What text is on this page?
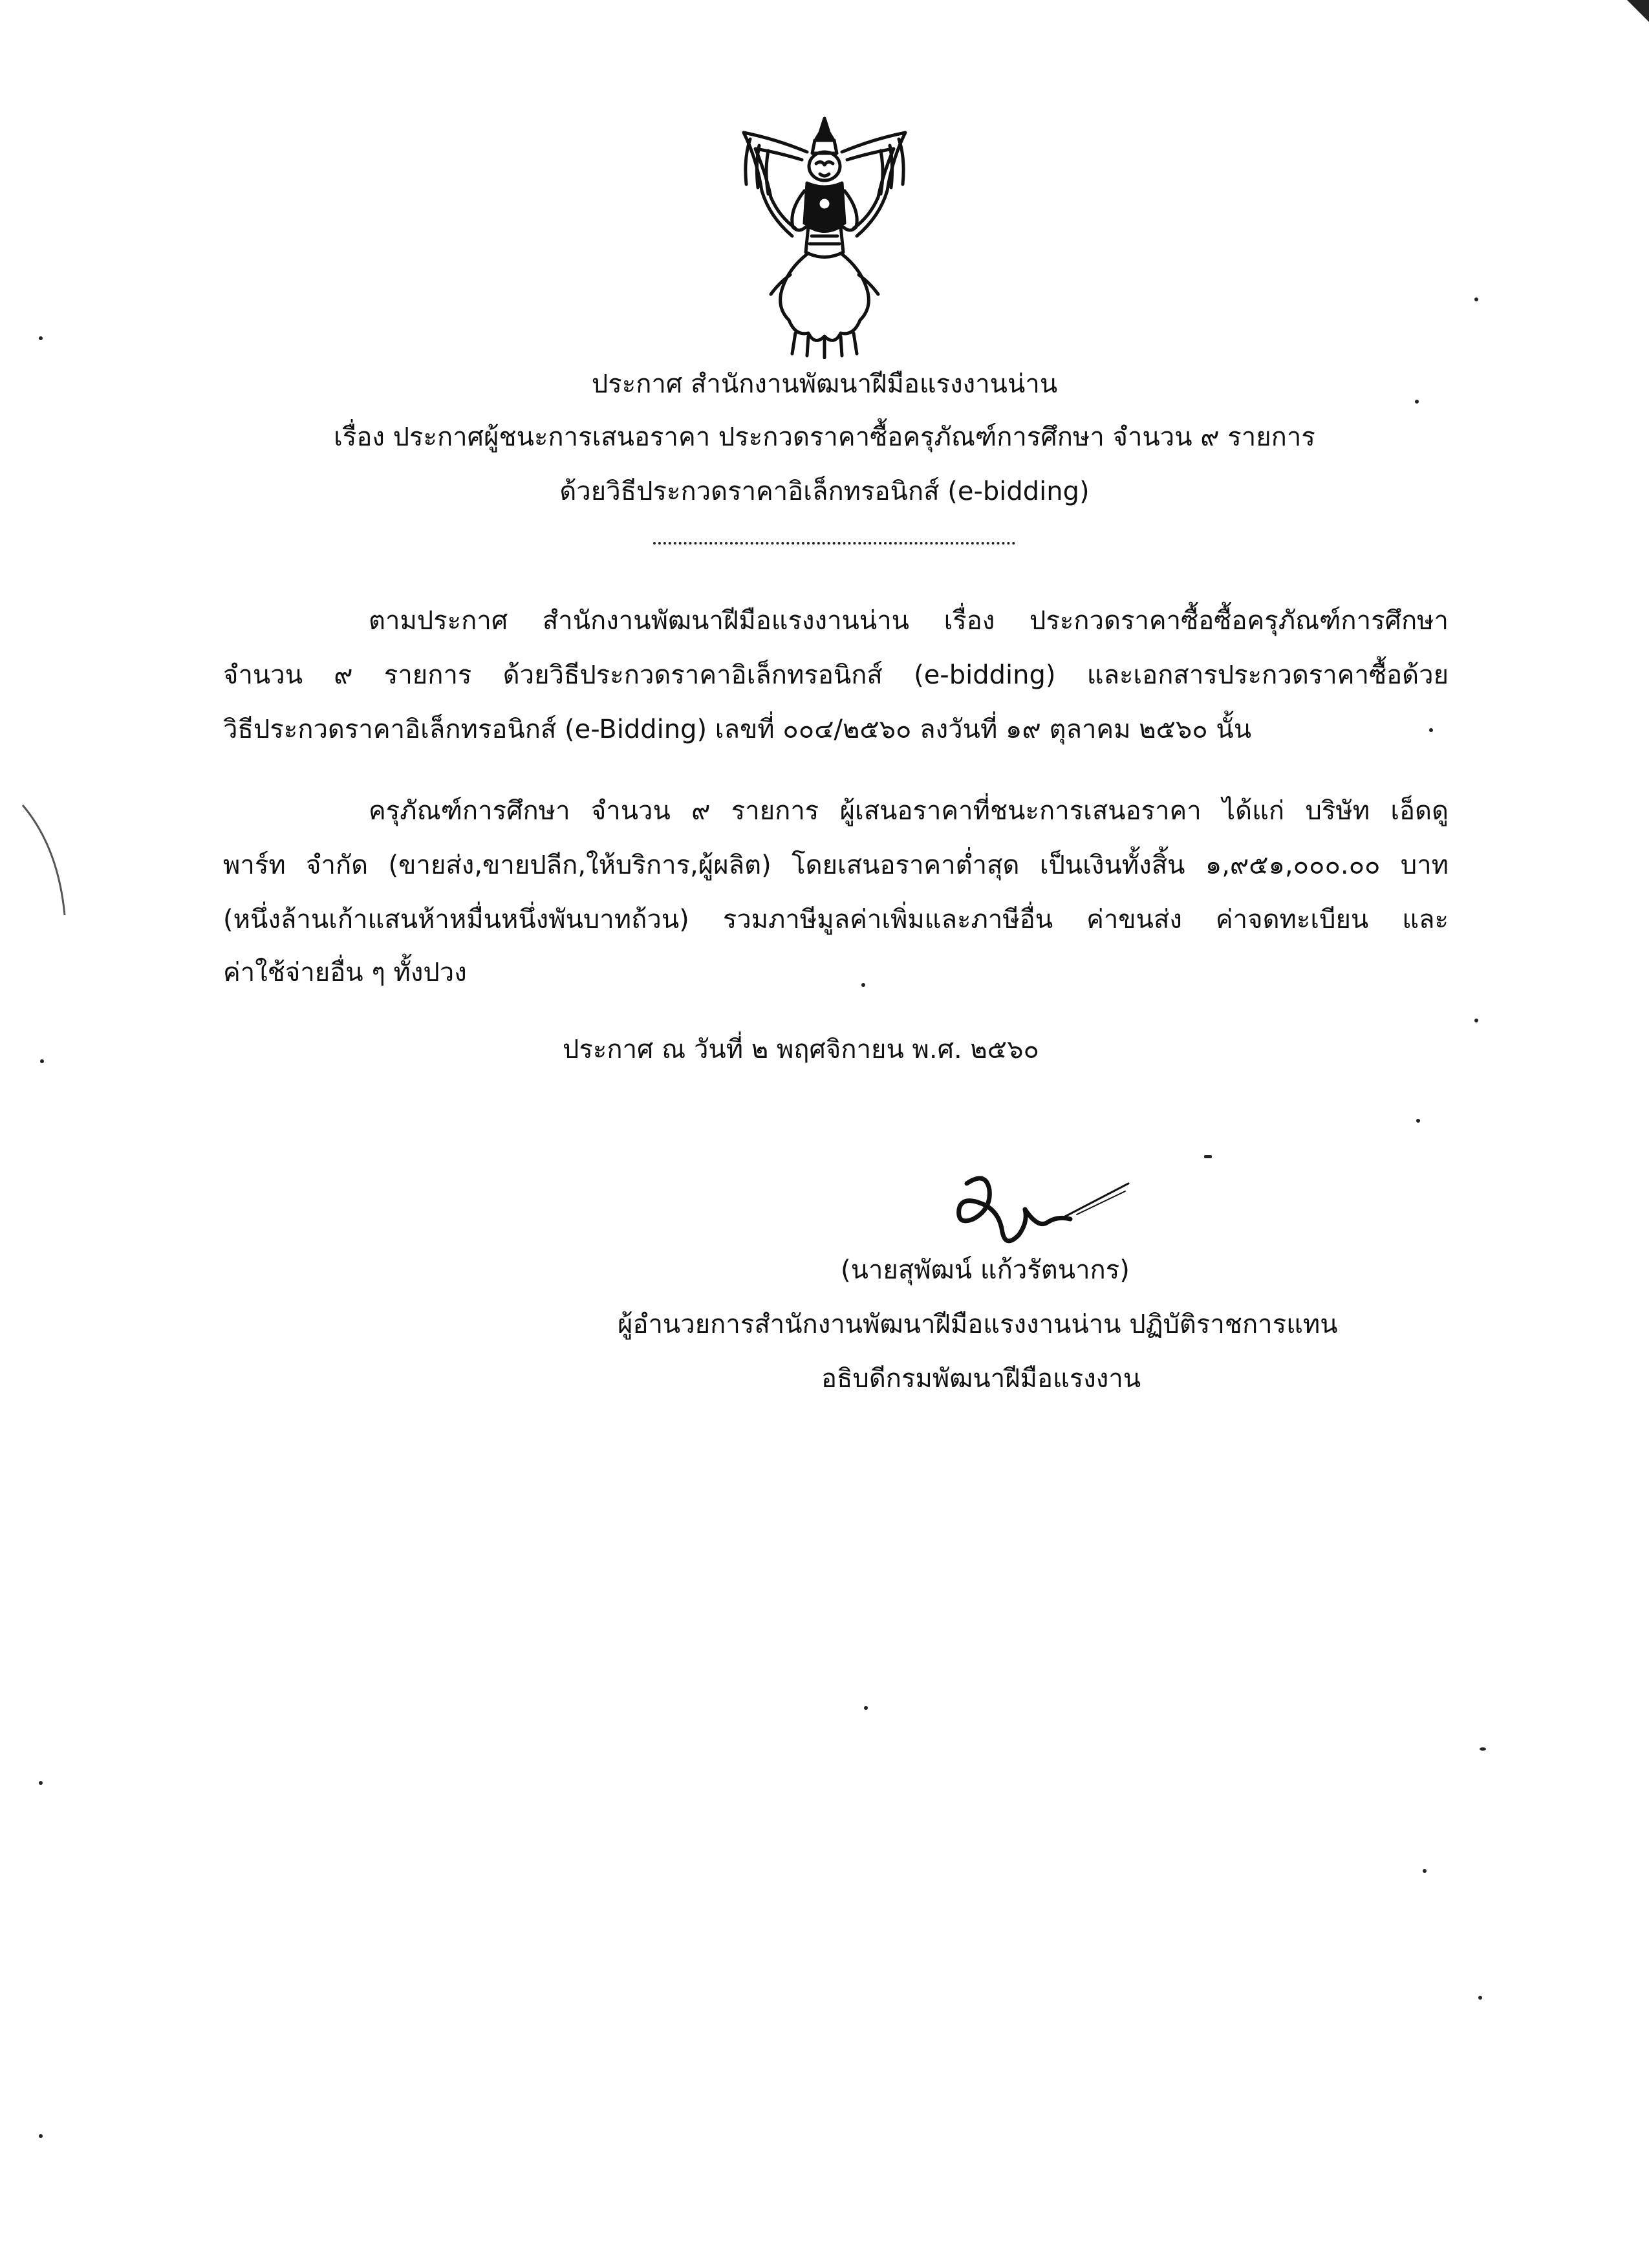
ประกาศ สำนักงานพัฒนาฝีมือแรงงานน่าน
เรื่อง ประกาศผู้ชนะการเสนอราคา ประกวดราคาซื้อครุภัณฑ์การศึกษา จำนวน ๙ รายการ
ด้วยวิธีประกวดราคาอิเล็กทรอนิกส์ (e-bidding)
ตามประกาศ สำนักงานพัฒนาฝีมือแรงงานน่าน เรื่อง ประกวดราคาซื้อซื้อครุภัณฑ์การศึกษา
จำนวน ๙ รายการ ด้วยวิธีประกวดราคาอิเล็กทรอนิกส์ (e-bidding) และเอกสารประกวดราคาซื้อด้วย
วิธีประกวดราคาอิเล็กทรอนิกส์ (e-Bidding) เลขที่ ๐๐๔/๒๕๖๐ ลงวันที่ ๑๙ ตุลาคม ๒๕๖๐ นั้น
ครุภัณฑ์การศึกษา จำนวน ๙ รายการ ผู้เสนอราคาที่ชนะการเสนอราคา ได้แก่ บริษัท เอ็ดดู
พาร์ท จำกัด (ขายส่ง,ขายปลีก,ให้บริการ,ผู้ผลิต) โดยเสนอราคาต่ำสุด เป็นเงินทั้งสิ้น ๑,๙๕๑,๐๐๐.๐๐ บาท
(หนึ่งล้านเก้าแสนห้าหมื่นหนึ่งพันบาทถ้วน) รวมภาษีมูลค่าเพิ่มและภาษีอื่น ค่าขนส่ง ค่าจดทะเบียน และ
ค่าใช้จ่ายอื่น ๆ ทั้งปวง
ประกาศ ณ วันที่ ๒ พฤศจิกายน พ.ศ. ๒๕๖๐
(นายสุพัฒน์ แก้วรัตนากร)
ผู้อำนวยการสำนักงานพัฒนาฝีมือแรงงานน่าน ปฏิบัติราชการแทน
อธิบดีกรมพัฒนาฝีมือแรงงาน
